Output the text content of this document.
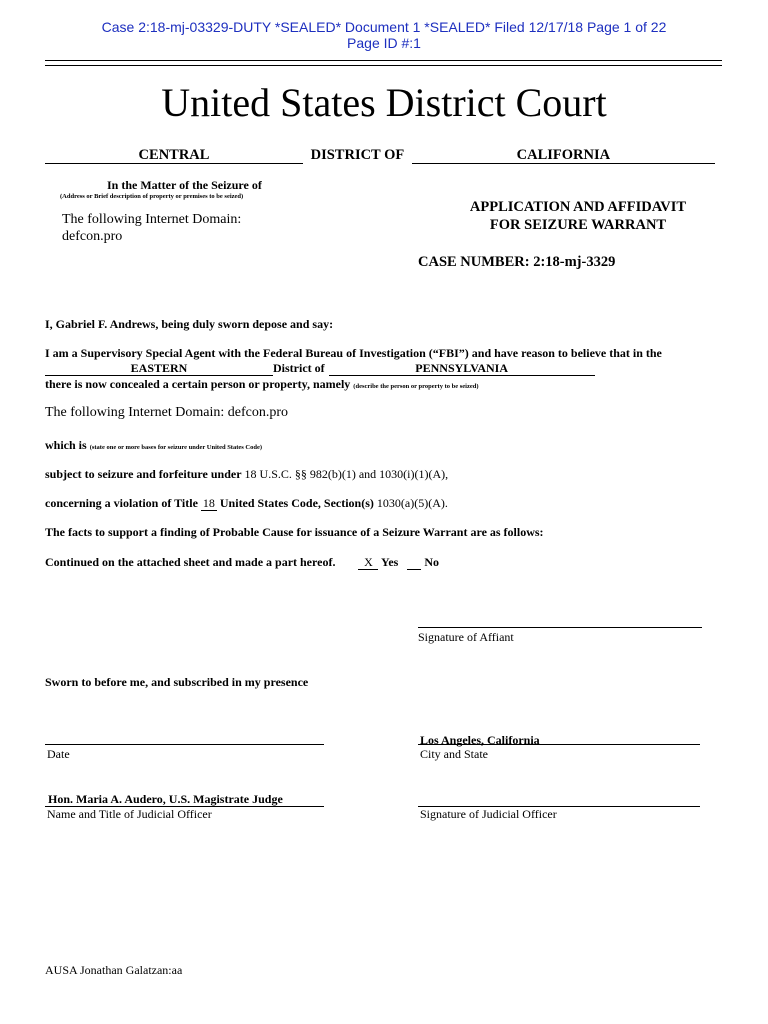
Case 2:18-mj-03329-DUTY *SEALED* Document 1 *SEALED* Filed 12/17/18 Page 1 of 22
Page ID #:1
United States District Court
CENTRAL	DISTRICT OF	CALIFORNIA
In the Matter of the Seizure of
(Address or Brief description of property or premises to be seized)
The following Internet Domain:
defcon.pro
APPLICATION AND AFFIDAVIT
FOR SEIZURE WARRANT
CASE NUMBER: 2:18-mj-3329
I, Gabriel F. Andrews, being duly sworn depose and say:
I am a Supervisory Special Agent with the Federal Bureau of Investigation (“FBI”) and have reason to believe that in the
EASTERN	District of	PENNSYLVANIA
there is now concealed a certain person or property, namely (describe the person or property to be seized)
The following Internet Domain: defcon.pro
which is (state one or more bases for seizure under United States Code)
subject to seizure and forfeiture under 18 U.S.C. §§ 982(b)(1) and 1030(i)(1)(A),
concerning a violation of Title 18 United States Code, Section(s) 1030(a)(5)(A).
The facts to support a finding of Probable Cause for issuance of a Seizure Warrant are as follows:
Continued on the attached sheet and made a part hereof. X Yes No
Signature of Affiant
Sworn to before me, and subscribed in my presence
Date
Los Angeles, California
City and State
Hon. Maria A. Audero, U.S. Magistrate Judge
Name and Title of Judicial Officer	Signature of Judicial Officer
AUSA Jonathan Galatzan:aa
